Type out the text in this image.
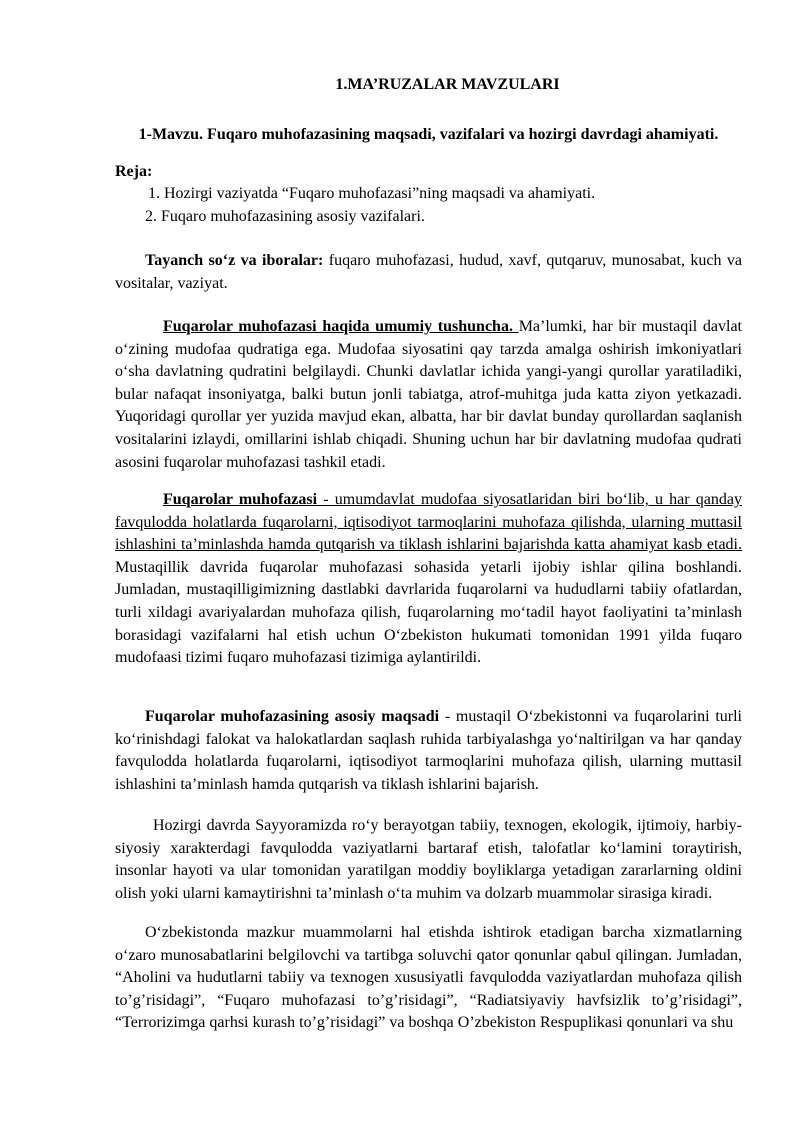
1.MA’RUZALAR MAVZULARI
1-Mavzu. Fuqaro muhofazasining maqsadi, vazifalari va hozirgi davrdagi ahamiyati.
Reja:
1. Hozirgi vaziyatda “Fuqaro muhofazasi”ning maqsadi va ahamiyati.
2. Fuqaro muhofazasining asosiy vazifalari.
Tayanch so‘z va iboralar: fuqaro muhofazasi, hudud, xavf, qutqaruv, munosabat, kuch va vositalar, vaziyat.
Fuqarolar muhofazasi haqida umumiy tushuncha. Ma’lumki, har bir mustaqil davlat o‘zining mudofaa qudratiga ega. Mudofaa siyosatini qay tarzda amalga oshirish imkoniyatlari o‘sha davlatning qudratini belgilaydi. Chunki davlatlar ichida yangi-yangi qurollar yaratiladiki, bular nafaqat insoniyatga, balki butun jonli tabiatga, atrof-muhitga juda katta ziyon yetkazadi. Yuqoridagi qurollar yer yuzida mavjud ekan, albatta, har bir davlat bunday qurollardan saqlanish vositalarini izlaydi, omillarini ishlab chiqadi. Shuning uchun har bir davlatning mudofaa qudrati asosini fuqarolar muhofazasi tashkil etadi.
Fuqarolar muhofazasi - umumdavlat mudofaa siyosatlaridan biri bo‘lib, u har qanday favqulodda holatlarda fuqarolarni, iqtisodiyot tarmoqlarini muhofaza qilishda, ularning muttasil ishlashini ta’minlashda hamda qutqarish va tiklash ishlarini bajarishda katta ahamiyat kasb etadi. Mustaqillik davrida fuqarolar muhofazasi sohasida yetarli ijobiy ishlar qilina boshlandi. Jumladan, mustaqilligimizning dastlabki davrlarida fuqarolarni va hududlarni tabiiy ofatlardan, turli xildagi avariyalardan muhofaza qilish, fuqarolarning mo‘tadil hayot faoliyatini ta’minlash borasidagi vazifalarni hal etish uchun O‘zbekiston hukumati tomonidan 1991 yilda fuqaro mudofaasi tizimi fuqaro muhofazasi tizimiga aylantirildi.
Fuqarolar muhofazasining asosiy maqsadi - mustaqil O‘zbekistonni va fuqarolarini turli ko‘rinishdagi falokat va halokatlardan saqlash ruhida tarbiyalashga yo‘naltirilgan va har qanday favqulodda holatlarda fuqarolarni, iqtisodiyot tarmoqlarini muhofaza qilish, ularning muttasil ishlashini ta’minlash hamda qutqarish va tiklash ishlarini bajarish.
Hozirgi davrda Sayyoramizda ro‘y berayotgan tabiiy, texnogen, ekologik, ijtimoiy, harbiy-siyosiy xarakterdagi favqulodda vaziyatlarni bartaraf etish, talofatlar ko‘lamini toraytirish, insonlar hayoti va ular tomonidan yaratilgan moddiy boyliklarga yetadigan zararlarning oldini olish yoki ularni kamaytirishni ta’minlash o‘ta muhim va dolzarb muammolar sirasiga kiradi.
O‘zbekistonda mazkur muammolarni hal etishda ishtirok etadigan barcha xizmatlarning o‘zaro munosabatlarini belgilovchi va tartibga soluvchi qator qonunlar qabul qilingan. Jumladan, “Aholini va hudutlarni tabiiy va texnogen xususiyatli favqulodda vaziyatlardan muhofaza qilish to’g’risidagi”, “Fuqaro muhofazasi to’g’risidagi”, “Radiatsiyaviy havfsizlik to’g’risidagi”, “Terrorizimga qarhsi kurash to’g’risidagi” va boshqa O’zbekiston Respuplikasi qonunlari va shu
